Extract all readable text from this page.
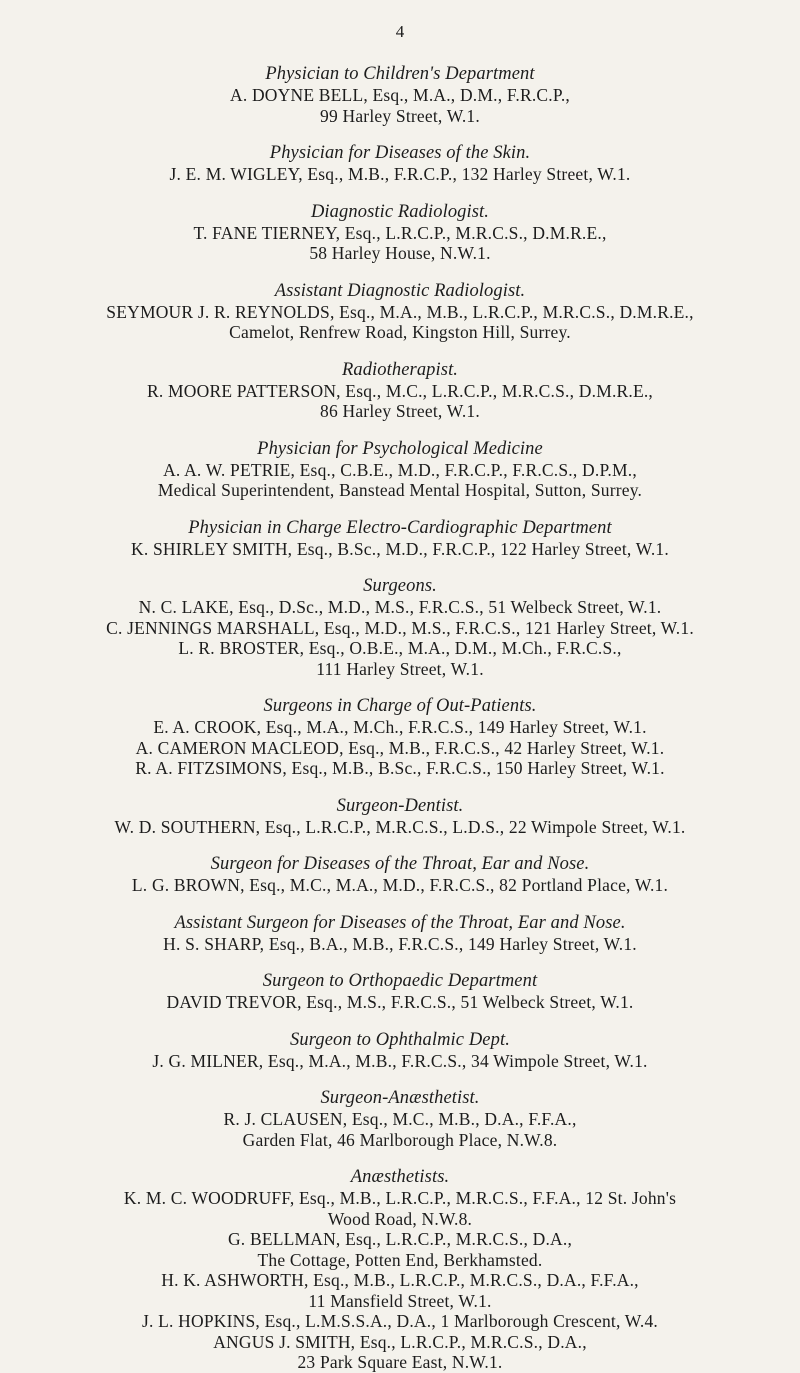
4
Physician to Children's Department
A. DOYNE BELL, Esq., M.A., D.M., F.R.C.P.,
99 Harley Street, W.1.
Physician for Diseases of the Skin.
J. E. M. WIGLEY, Esq., M.B., F.R.C.P., 132 Harley Street, W.1.
Diagnostic Radiologist.
T. FANE TIERNEY, Esq., L.R.C.P., M.R.C.S., D.M.R.E.,
58 Harley House, N.W.1.
Assistant Diagnostic Radiologist.
SEYMOUR J. R. REYNOLDS, Esq., M.A., M.B., L.R.C.P., M.R.C.S., D.M.R.E.,
Camelot, Renfrew Road, Kingston Hill, Surrey.
Radiotherapist.
R. MOORE PATTERSON, Esq., M.C., L.R.C.P., M.R.C.S., D.M.R.E.,
86 Harley Street, W.1.
Physician for Psychological Medicine
A. A. W. PETRIE, Esq., C.B.E., M.D., F.R.C.P., F.R.C.S., D.P.M.,
Medical Superintendent, Banstead Mental Hospital, Sutton, Surrey.
Physician in Charge Electro-Cardiographic Department
K. SHIRLEY SMITH, Esq., B.Sc., M.D., F.R.C.P., 122 Harley Street, W.1.
Surgeons.
N. C. LAKE, Esq., D.Sc., M.D., M.S., F.R.C.S., 51 Welbeck Street, W.1.
C. JENNINGS MARSHALL, Esq., M.D., M.S., F.R.C.S., 121 Harley Street, W.1.
L. R. BROSTER, Esq., O.B.E., M.A., D.M., M.Ch., F.R.C.S.,
111 Harley Street, W.1.
Surgeons in Charge of Out-Patients.
E. A. CROOK, Esq., M.A., M.Ch., F.R.C.S., 149 Harley Street, W.1.
A. CAMERON MACLEOD, Esq., M.B., F.R.C.S., 42 Harley Street, W.1.
R. A. FITZSIMONS, Esq., M.B., B.Sc., F.R.C.S., 150 Harley Street, W.1.
Surgeon-Dentist.
W. D. SOUTHERN, Esq., L.R.C.P., M.R.C.S., L.D.S., 22 Wimpole Street, W.1.
Surgeon for Diseases of the Throat, Ear and Nose.
L. G. BROWN, Esq., M.C., M.A., M.D., F.R.C.S., 82 Portland Place, W.1.
Assistant Surgeon for Diseases of the Throat, Ear and Nose.
H. S. SHARP, Esq., B.A., M.B., F.R.C.S., 149 Harley Street, W.1.
Surgeon to Orthopaedic Department
DAVID TREVOR, Esq., M.S., F.R.C.S., 51 Welbeck Street, W.1.
Surgeon to Ophthalmic Dept.
J. G. MILNER, Esq., M.A., M.B., F.R.C.S., 34 Wimpole Street, W.1.
Surgeon-Anæsthetist.
R. J. CLAUSEN, Esq., M.C., M.B., D.A., F.F.A.,
Garden Flat, 46 Marlborough Place, N.W.8.
Anæsthetists.
K. M. C. WOODRUFF, Esq., M.B., L.R.C.P., M.R.C.S., F.F.A., 12 St. John's
Wood Road, N.W.8.
G. BELLMAN, Esq., L.R.C.P., M.R.C.S., D.A.,
The Cottage, Potten End, Berkhamsted.
H. K. ASHWORTH, Esq., M.B., L.R.C.P., M.R.C.S., D.A., F.F.A.,
11 Mansfield Street, W.1.
J. L. HOPKINS, Esq., L.M.S.S.A., D.A., 1 Marlborough Crescent, W.4.
ANGUS J. SMITH, Esq., L.R.C.P., M.R.C.S., D.A.,
23 Park Square East, N.W.1.
